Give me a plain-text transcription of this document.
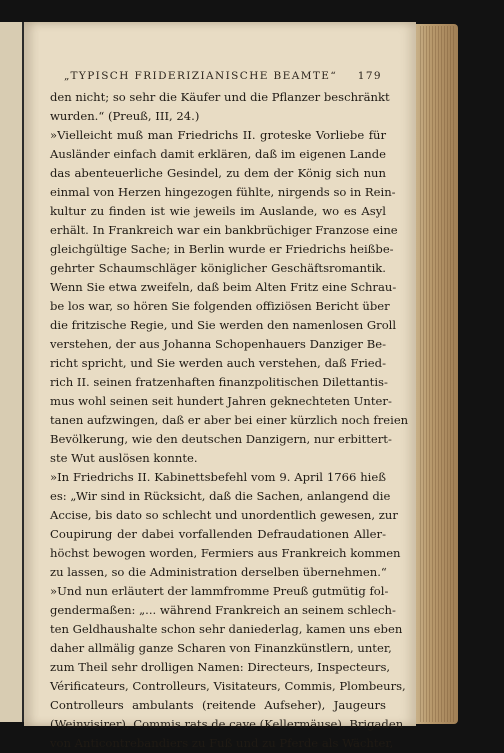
„TYPISCH FRIDERIZIANISCHE BEAMTE“ 179
den nicht; so sehr die Käufer und die Pflanzer beschränkt
wurden.“ (Preuß, III, 24.)
»Vielleicht muß man Friedrichs II. groteske Vorliebe für
Ausländer einfach damit erklären, daß im eigenen Lande
das abenteuerliche Gesindel, zu dem der König sich nun
einmal von Herzen hingezogen fühlte, nirgends so in Rein-
kultur zu finden ist wie jeweils im Auslande, wo es Asyl
erhält. In Frankreich war ein bankbrüchiger Franzose eine
gleichgültige Sache; in Berlin wurde er Friedrichs heißbe-
gehrter Schaumschläger königlicher Geschäftsromantik.
Wenn Sie etwa zweifeln, daß beim Alten Fritz eine Schrau-
be los war, so hören Sie folgenden offiziösen Bericht über
die fritzische Regie, und Sie werden den namenlosen Groll
verstehen, der aus Johanna Schopenhauers Danziger Be-
richt spricht, und Sie werden auch verstehen, daß Fried-
rich II. seinen fratzenhaften finanzpolitischen Dilettantis-
mus wohl seinen seit hundert Jahren geknechteten Unter-
tanen aufzwingen, daß er aber bei einer kürzlich noch freien
Bevölkerung, wie den deutschen Danzigern, nur erbittert-
ste Wut auslösen konnte.
»In Friedrichs II. Kabinettsbefehl vom 9. April 1766 hieß
es: „Wir sind in Rücksicht, daß die Sachen, anlangend die
Accise, bis dato so schlecht und unordentlich gewesen, zur
Coupirung der dabei vorfallenden Defraudationen Aller-
höchst bewogen worden, Fermiers aus Frankreich kommen
zu lassen, so die Administration derselben übernehmen.“
»Und nun erläutert der lammfromme Preuß gutmütig fol-
gendermaßen: „... während Frankreich an seinem schlech-
ten Geldhaushalte schon sehr daniederlag, kamen uns eben
daher allmälig ganze Scharen von Finanzkünstlern, unter,
zum Theil sehr drolligen Namen: Directeurs, Inspecteurs,
Vérificateurs, Controlleurs, Visitateurs, Commis, Plombeurs,
Controlleurs ambulants (reitende Aufseher), Jaugeurs
(Weinvisirer), Commis rats de cave (Kellermäuse), Brigaden
von Anticontrebandiers zu Fuß und zu Pferde als Wächter,
